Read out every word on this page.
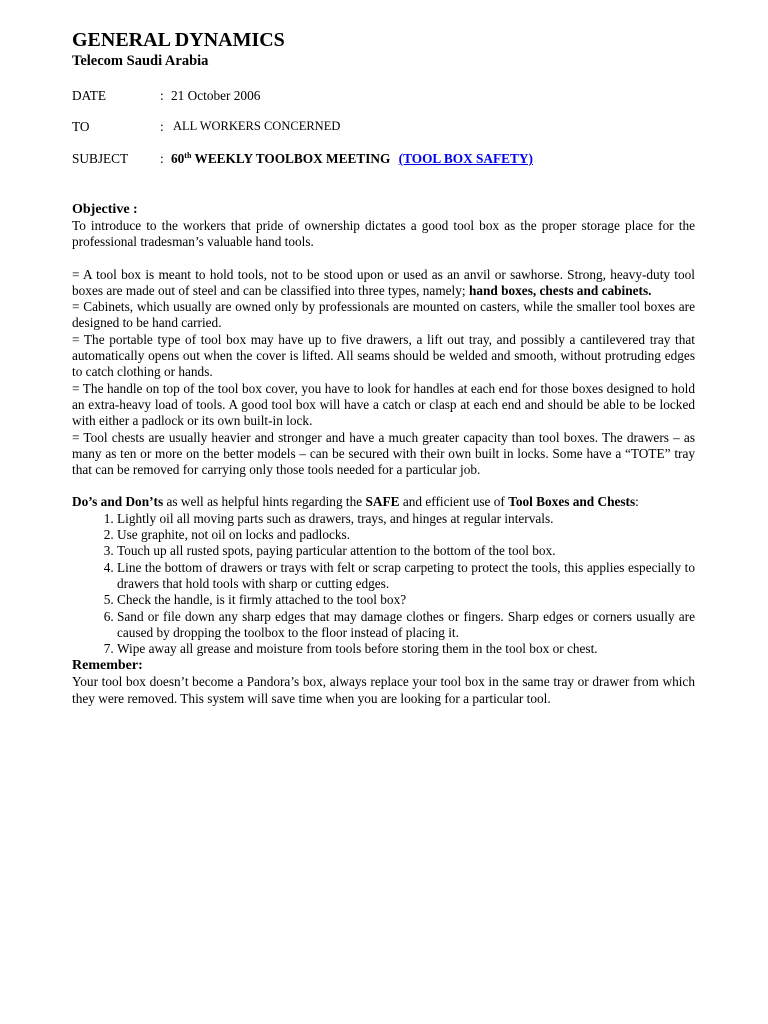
GENERAL DYNAMICS
Telecom Saudi Arabia
DATE	: 21 October 2006
TO	: ALL WORKERS CONCERNED
SUBJECT : 60th WEEKLY TOOLBOX MEETING (TOOL BOX SAFETY)
Objective :

To introduce to the workers that pride of ownership dictates a good tool box as the proper storage place for the professional tradesman’s valuable hand tools.

= A tool box is meant to hold tools, not to be stood upon or used as an anvil or sawhorse. Strong, heavy-duty tool boxes are made out of steel and can be classified into three types, namely; hand boxes, chests and cabinets.

= Cabinets, which usually are owned only by professionals are mounted on casters, while the smaller tool boxes are designed to be hand carried.

= The portable type of tool box may have up to five drawers, a lift out tray, and possibly a cantilevered tray that automatically opens out when the cover is lifted. All seams should be welded and smooth, without protruding edges to catch clothing or hands.

= The handle on top of the tool box cover, you have to look for handles at each end for those boxes designed to hold an extra-heavy load of tools. A good tool box will have a catch or clasp at each end and should be able to be locked with either a padlock or its own built-in lock.

= Tool chests are usually heavier and stronger and have a much greater capacity than tool boxes. The drawers – as many as ten or more on the better models – can be secured with their own built in locks. Some have a “TOTE” tray that can be removed for carrying only those tools needed for a particular job.

Do’s and Don’ts as well as helpful hints regarding the SAFE and efficient use of Tool Boxes and Chests:

1. Lightly oil all moving parts such as drawers, trays, and hinges at regular intervals.
2. Use graphite, not oil on locks and padlocks.
3. Touch up all rusted spots, paying particular attention to the bottom of the tool box.
4. Line the bottom of drawers or trays with felt or scrap carpeting to protect the tools, this applies especially to drawers that hold tools with sharp or cutting edges.
5. Check the handle, is it firmly attached to the tool box?
6. Sand or file down any sharp edges that may damage clothes or fingers. Sharp edges or corners usually are caused by dropping the toolbox to the floor instead of placing it.
7. Wipe away all grease and moisture from tools before storing them in the tool box or chest.
Remember:

Your tool box doesn’t become a Pandora’s box, always replace your tool box in the same tray or drawer from which they were removed. This system will save time when you are looking for a particular tool.
